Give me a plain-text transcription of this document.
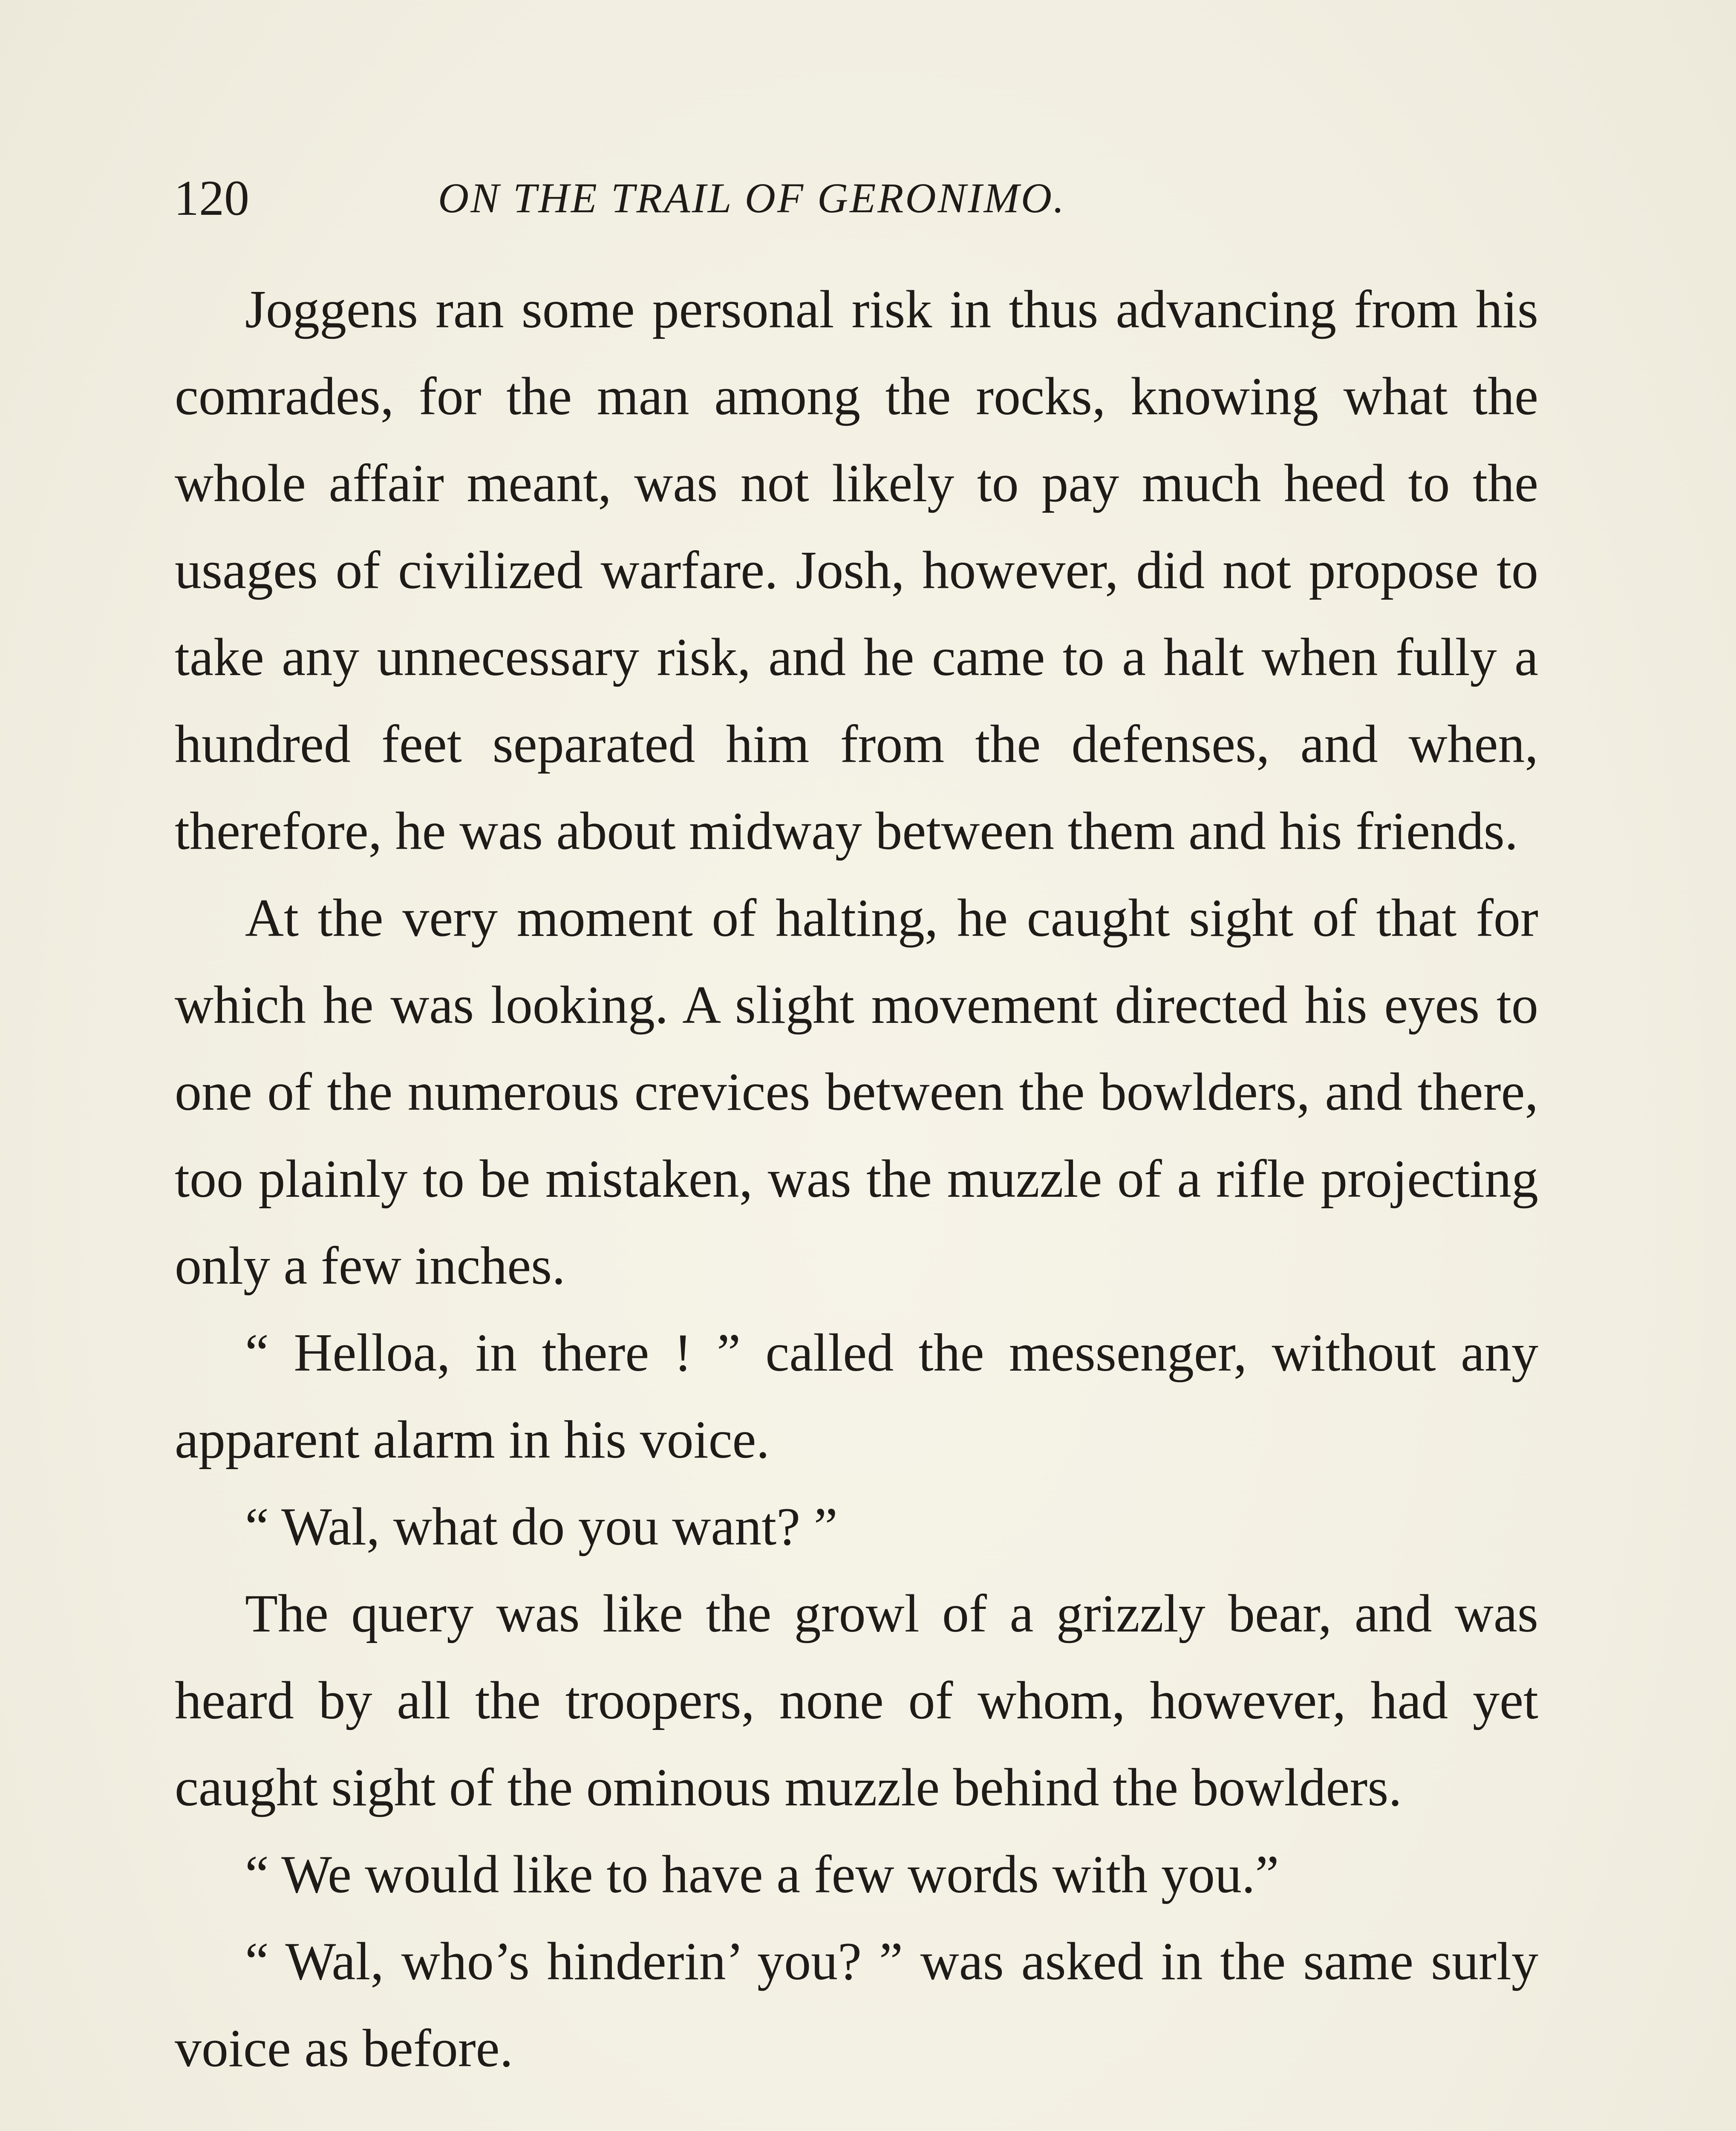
120	ON THE TRAIL OF GERONIMO.

Joggens ran some personal risk in thus advancing from his comrades, for the man among the rocks, knowing what the whole affair meant, was not likely to pay much heed to the usages of civilized warfare. Josh, however, did not propose to take any unnecessary risk, and he came to a halt when fully a hundred feet separated him from the defenses, and when, therefore, he was about midway between them and his friends.

At the very moment of halting, he caught sight of that for which he was looking. A slight movement directed his eyes to one of the numerous crevices between the bowlders, and there, too plainly to be mistaken, was the muzzle of a rifle projecting only a few inches.

“ Helloa, in there ! ” called the messenger, without any apparent alarm in his voice.

“ Wal, what do you want? ”

The query was like the growl of a grizzly bear, and was heard by all the troopers, none of whom, however, had yet caught sight of the ominous muzzle behind the bowlders.

“ We would like to have a few words with you.”

“ Wal, who’s hinderin’ you? ” was asked in the same surly voice as before.
